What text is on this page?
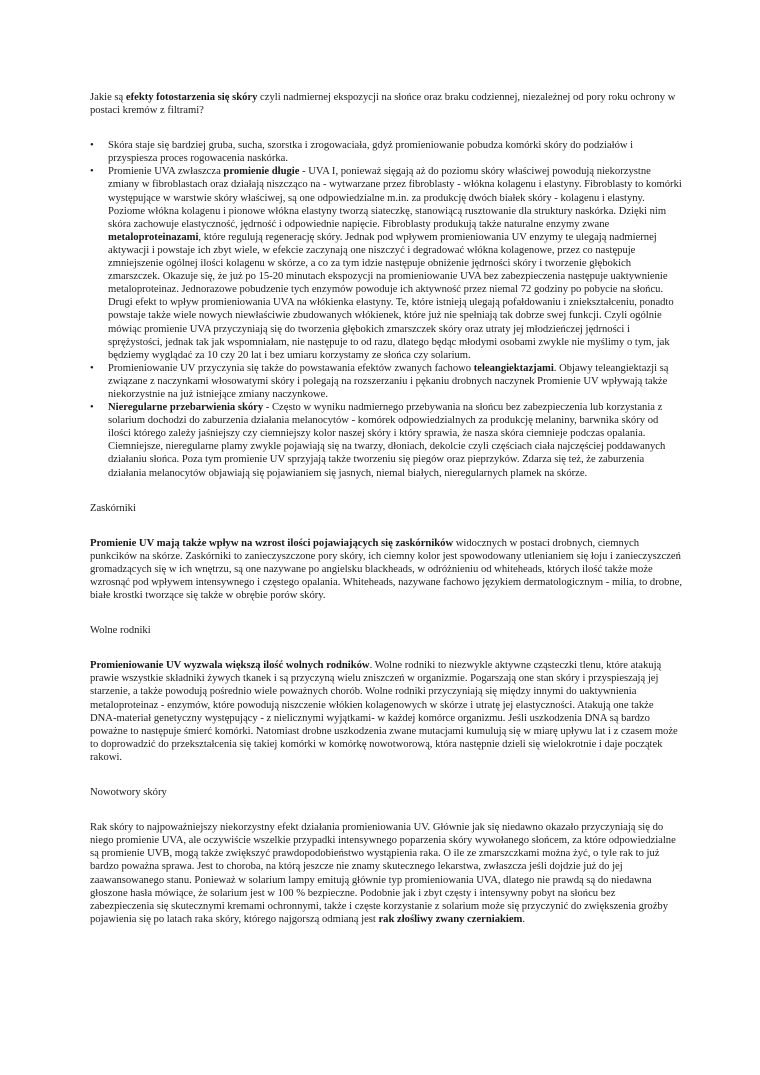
Jakie są efekty fotostarzenia się skóry czyli nadmiernej ekspozycji na słońce oraz braku codziennej, niezależnej od pory roku ochrony w postaci kremów z filtrami?

• Skóra staje się bardziej gruba, sucha, szorstka i zrogowaciała, gdyż promieniowanie pobudza komórki skóry do podziałów i przyspiesza proces rogowacenia naskórka.

• Promienie UVA zwłaszcza promienie długie - UVA I, ponieważ sięgają aż do poziomu skóry właściwej powodują niekorzystne zmiany w fibroblastach oraz działają niszcząco na - wytwarzane przez fibroblasty - włókna kolagenu i elastyny. Fibroblasty to komórki występujące w warstwie skóry właściwej, są one odpowiedzialne m.in. za produkcję dwóch białek skóry - kolagenu i elastyny. Poziome włókna kolagenu i pionowe włókna elastyny tworzą siateczkę, stanowiącą rusztowanie dla struktury naskórka. Dzięki nim skóra zachowuje elastyczność, jędrność i odpowiednie napięcie. Fibroblasty produkują także naturalne enzymy zwane metaloproteinazami, które regulują regenerację skóry. Jednak pod wpływem promieniowania UV enzymy te ulegają nadmiernej aktywacji i powstaje ich zbyt wiele, w efekcie zaczynają one niszczyć i degradować włókna kolagenowe, przez co następuje zmniejszenie ogólnej ilości kolagenu w skórze, a co za tym idzie następuje obniżenie jędrności skóry i tworzenie głębokich zmarszczek. Okazuje się, że już po 15-20 minutach ekspozycji na promieniowanie UVA bez zabezpieczenia następuje uaktywnienie metaloproteinaz. Jednorazowe pobudzenie tych enzymów powoduje ich aktywność przez niemal 72 godziny po pobycie na słońcu. Drugi efekt to wpływ promieniowania UVA na włókienka elastyny. Te, które istnieją ulegają pofałdowaniu i zniekształceniu, ponadto powstaje także wiele nowych niewłaściwie zbudowanych włókienek, które już nie spełniają tak dobrze swej funkcji. Czyli ogólnie mówiąc promienie UVA przyczyniają się do tworzenia głębokich zmarszczek skóry oraz utraty jej młodzieńczej jędrności i sprężystości, jednak tak jak wspomniałam, nie następuje to od razu, dlatego będąc młodymi osobami zwykle nie myślimy o tym, jak będziemy wyglądać za 10 czy 20 lat i bez umiaru korzystamy ze słońca czy solarium.

• Promieniowanie UV przyczynia się także do powstawania efektów zwanych fachowo teleangiektazjami. Objawy teleangiektazji są związane z naczynkami włosowatymi skóry i polegają na rozszerzaniu i pękaniu drobnych naczynek Promienie UV wpływają także niekorzystnie na już istniejące zmiany naczynkowe.

• Nieregularne przebarwienia skóry - Często w wyniku nadmiernego przebywania na słońcu bez zabezpieczenia lub korzystania z solarium dochodzi do zaburzenia działania melanocytów - komórek odpowiedzialnych za produkcję melaniny, barwnika skóry od ilości którego zależy jaśniejszy czy ciemniejszy kolor naszej skóry i który sprawia, że nasza skóra ciemnieje podczas opalania. Ciemniejsze, nieregularne plamy zwykle pojawiają się na twarzy, dłoniach, dekolcie czyli częściach ciała najczęściej poddawanych działaniu słońca. Poza tym promienie UV sprzyjają także tworzeniu się piegów oraz pieprzyków. Zdarza się też, że zaburzenia działania melanocytów objawiają się pojawianiem się jasnych, niemal białych, nieregularnych plamek na skórze.

Zaskórniki

Promienie UV mają także wpływ na wzrost ilości pojawiających się zaskórników widocznych w postaci drobnych, ciemnych punkcików na skórze. Zaskórniki to zanieczyszczone pory skóry, ich ciemny kolor jest spowodowany utlenianiem się łoju i zanieczyszczeń gromadzących się w ich wnętrzu, są one nazywane po angielsku blackheads, w odróżnieniu od whiteheads, których ilość także może wzrosnąć pod wpływem intensywnego i częstego opalania. Whiteheads, nazywane fachowo językiem dermatologicznym - milia, to drobne, białe krostki tworzące się także w obrębie porów skóry.

Wolne rodniki

Promieniowanie UV wyzwala większą ilość wolnych rodników. Wolne rodniki to niezwykle aktywne cząsteczki tlenu, które atakują prawie wszystkie składniki żywych tkanek i są przyczyną wielu zniszczeń w organizmie. Pogarszają one stan skóry i przyspieszają jej starzenie, a także powodują pośrednio wiele poważnych chorób. Wolne rodniki przyczyniają się między innymi do uaktywnienia metaloproteinaz - enzymów, które powodują niszczenie włókien kolagenowych w skórze i utratę jej elastyczności. Atakują one także DNA-materiał genetyczny występujący - z nielicznymi wyjątkami- w każdej komórce organizmu. Jeśli uszkodzenia DNA są bardzo poważne to następuje śmierć komórki. Natomiast drobne uszkodzenia zwane mutacjami kumulują się w miarę upływu lat i z czasem może to doprowadzić do przekształcenia się takiej komórki w komórkę nowotworową, która następnie dzieli się wielokrotnie i daje początek rakowi.

Nowotwory skóry

Rak skóry to najpoważniejszy niekorzystny efekt działania promieniowania UV. Głównie jak się niedawno okazało przyczyniają się do niego promienie UVA, ale oczywiście wszelkie przypadki intensywnego poparzenia skóry wywołanego słońcem, za które odpowiedzialne są promienie UVB, mogą także zwiększyć prawdopodobieństwo wystąpienia raka. O ile ze zmarszczkami można żyć, o tyle rak to już bardzo poważna sprawa. Jest to choroba, na którą jeszcze nie znamy skutecznego lekarstwa, zwłaszcza jeśli dojdzie już do jej zaawansowanego stanu. Ponieważ w solarium lampy emitują głównie typ promieniowania UVA, dlatego nie prawdą są do niedawna głoszone hasła mówiące, że solarium jest w 100 % bezpieczne. Podobnie jak i zbyt częsty i intensywny pobyt na słońcu bez zabezpieczenia się skutecznymi kremami ochronnymi, także i częste korzystanie z solarium może się przyczynić do zwiększenia groźby pojawienia się po latach raka skóry, którego najgorszą odmianą jest rak złośliwy zwany czerniakiem.
